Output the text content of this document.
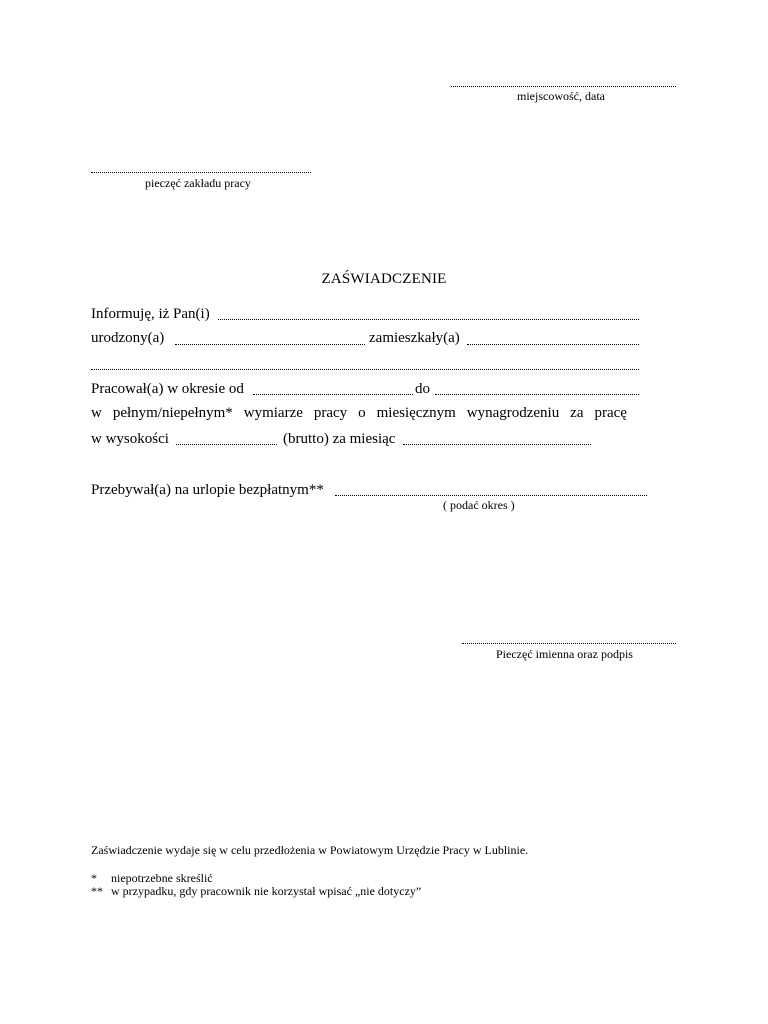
miejscowość, data
pieczęć zakładu pracy
ZAŚWIADCZENIE
Informuję, iż Pan(i)
urodzony(a)	zamieszkały(a)
Pracował(a) w okresie od	do
w pełnym/niepełnym* wymiarze pracy o miesięcznym wynagrodzeniu za pracę
w wysokości	(brutto) za miesiąc
Przebywał(a) na urlopie bezpłatnym**
( podać okres )
Pieczęć imienna oraz podpis
Zaświadczenie wydaje się w celu przedłożenia w Powiatowym Urzędzie Pracy w Lublinie.
* niepotrzebne skreślić
** w przypadku, gdy pracownik nie korzystał wpisać „nie dotyczy”
